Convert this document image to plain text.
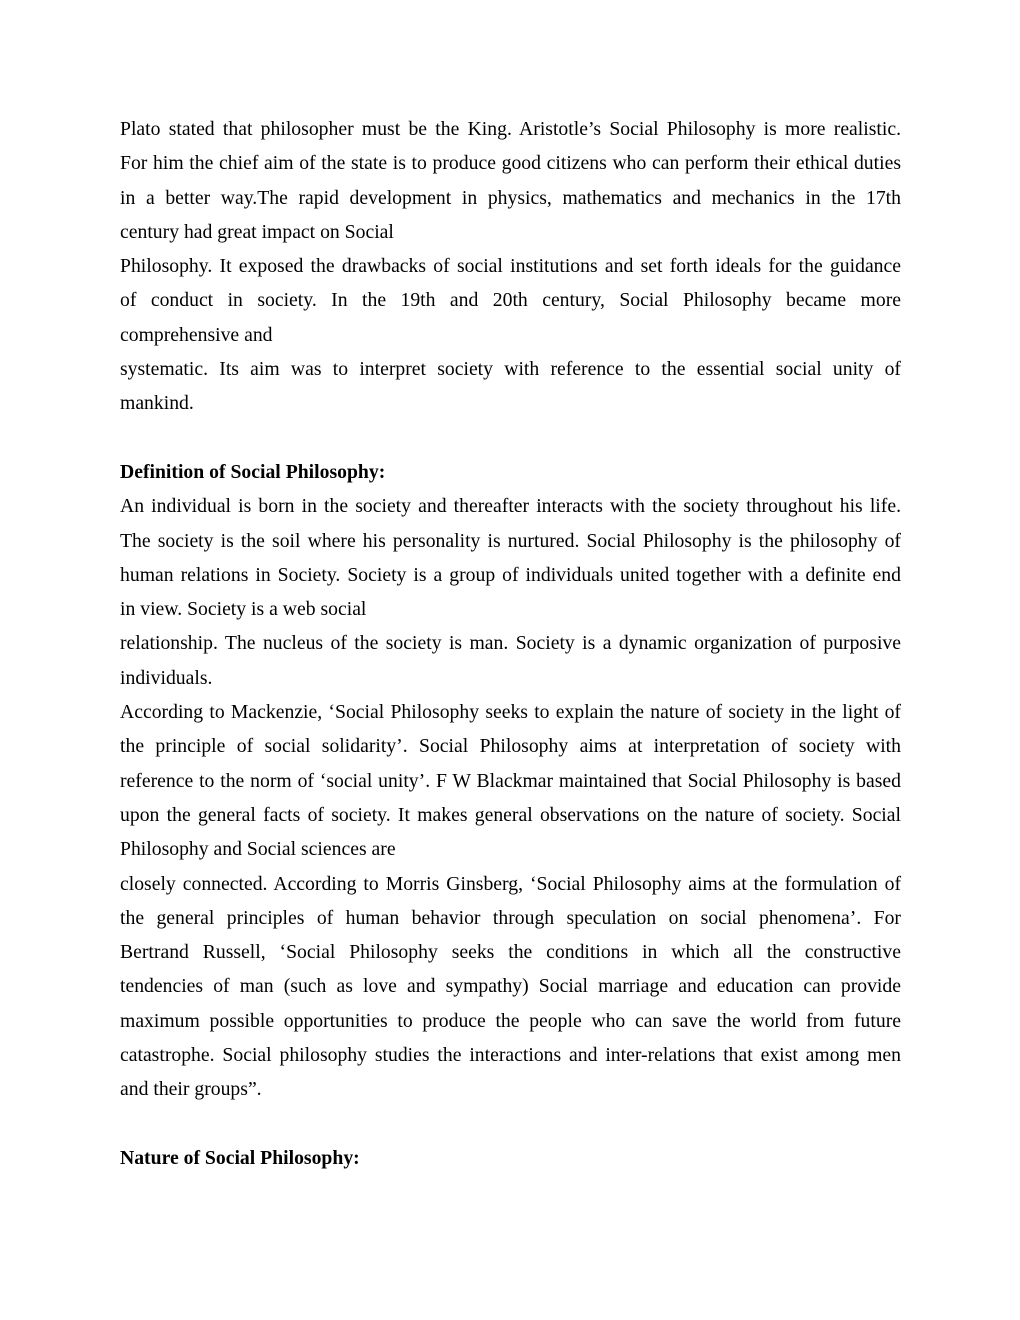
Plato stated that philosopher must be the King. Aristotle’s Social Philosophy is more realistic.
For him the chief aim of the state is to produce good citizens who can perform their ethical duties
in a better way.The rapid development in physics, mathematics and mechanics in the 17th
century had great impact on Social
Philosophy. It exposed the drawbacks of social institutions and set forth ideals for the guidance
of conduct in society. In the 19th and 20th century, Social Philosophy became more
comprehensive and
systematic. Its aim was to interpret society with reference to the essential social unity of
mankind.
Definition of Social Philosophy:
An individual is born in the society and thereafter interacts with the society throughout his life.
The society is the soil where his personality is nurtured. Social Philosophy is the philosophy of
human relations in Society. Society is a group of individuals united together with a definite end
in view. Society is a web social
relationship. The nucleus of the society is man. Society is a dynamic organization of purposive
individuals.
According to Mackenzie, ‘Social Philosophy seeks to explain the nature of society in the light of
the principle of social solidarity’. Social Philosophy aims at interpretation of society with
reference to the norm of ‘social unity’. F W Blackmar maintained that Social Philosophy is based
upon the general facts of society. It makes general observations on the nature of society. Social
Philosophy and Social sciences are
closely connected. According to Morris Ginsberg, ‘Social Philosophy aims at the formulation of
the general principles of human behavior through speculation on social phenomena’. For
Bertrand Russell, ‘Social Philosophy seeks the conditions in which all the constructive
tendencies of man (such as love and sympathy) Social marriage and education can provide
maximum possible opportunities to produce the people who can save the world from future
catastrophe. Social philosophy studies the interactions and inter-relations that exist among men
and their groups”.
Nature of Social Philosophy:
